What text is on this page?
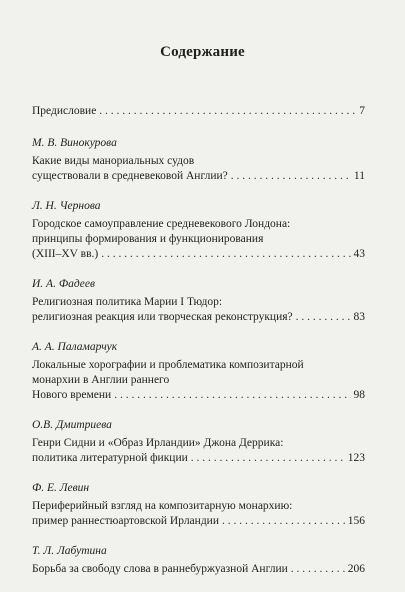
Содержание
Предисловие . . .	7
М. В. Винокурова
Какие виды манориальных судов
существовали в средневековой Англии? . . .	11
Л. Н. Чернова
Городское самоуправление средневекового Лондона:
принципы формирования и функционирования
(XIII–XV вв.) . . .	43
И. А. Фадеев
Религиозная политика Марии I Тюдор:
религиозная реакция или творческая реконструкция? . . .	83
А. А. Паламарчук
Локальные хорографии и проблематика композитарной
монархии в Англии раннего
Нового времени . . .	98
О.В. Дмитриева
Генри Сидни и «Образ Ирландии» Джона Деррика:
политика литературной фикции . . .	123
Ф. Е. Левин
Периферийный взгляд на композитарную монархию:
пример раннестюартовской Ирландии . . .	156
Т. Л. Лабутина
Борьба за свободу слова в раннебуржуазной Англии . . .	206
